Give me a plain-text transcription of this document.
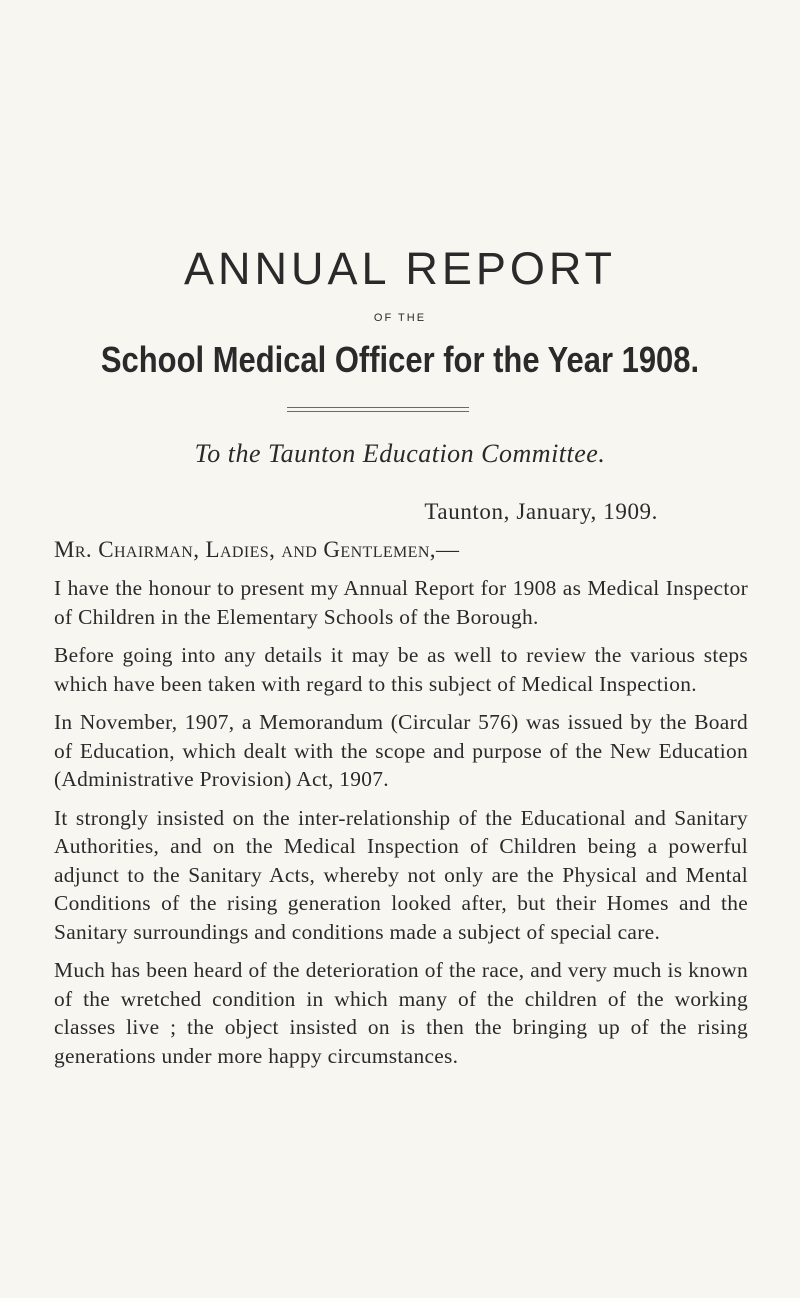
ANNUAL REPORT
OF THE
School Medical Officer for the Year 1908.
To the Taunton Education Committee.
Taunton, January, 1909.
Mr. Chairman, Ladies, and Gentlemen,—

I have the honour to present my Annual Report for 1908 as Medical Inspector of Children in the Elementary Schools of the Borough.

Before going into any details it may be as well to review the various steps which have been taken with regard to this subject of Medical Inspection.

In November, 1907, a Memorandum (Circular 576) was issued by the Board of Education, which dealt with the scope and purpose of the New Education (Administrative Provision) Act, 1907.

It strongly insisted on the inter-relationship of the Educational and Sanitary Authorities, and on the Medical Inspection of Children being a powerful adjunct to the Sanitary Acts, whereby not only are the Physical and Mental Conditions of the rising generation looked after, but their Homes and the Sanitary surroundings and conditions made a subject of special care.

Much has been heard of the deterioration of the race, and very much is known of the wretched condition in which many of the children of the working classes live ; the object insisted on is then the bringing up of the rising generations under more happy circumstances.
